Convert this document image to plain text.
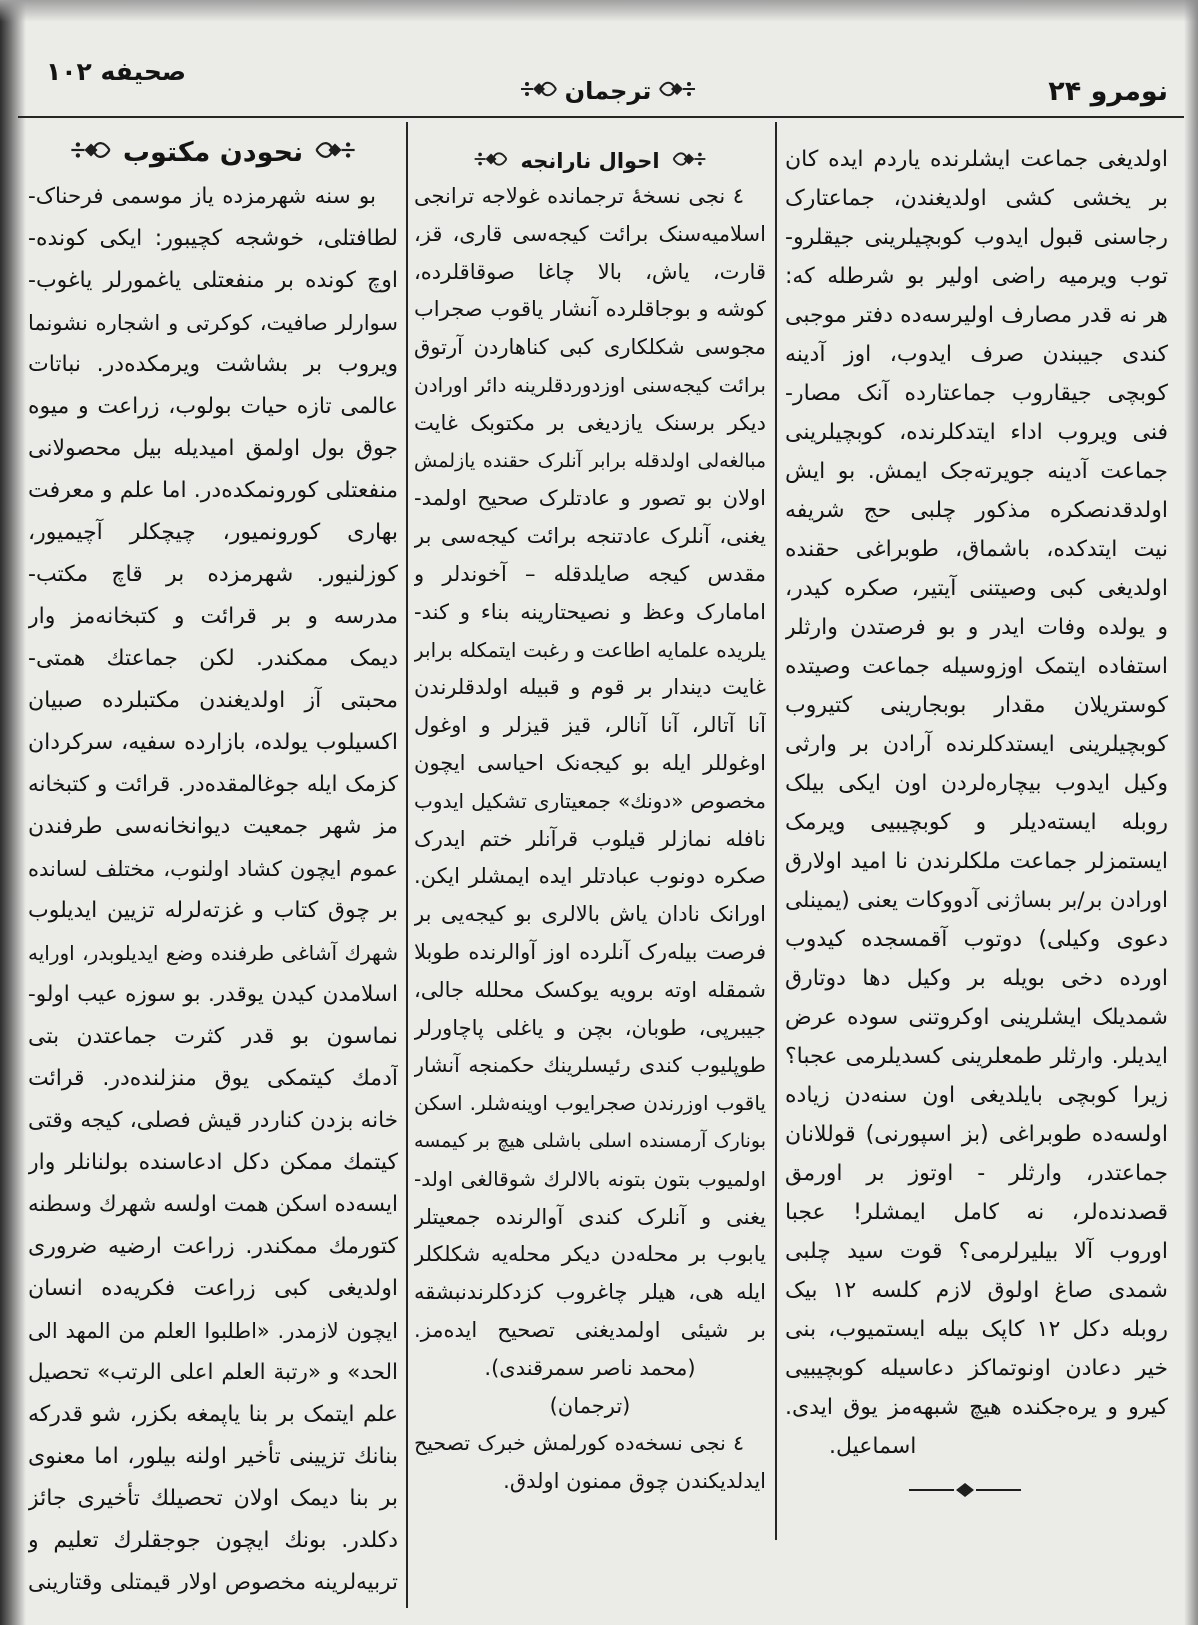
نومرو ۲۴
صحیفه ۱۰۲
ترجمان
اولدیغی جماعت ایشلرنده یاردم ایده کان
بر یخشی کشی اولدیغندن، جماعتارک
رجاسنی قبول ایدوب کوبچیلرینی جیقلرو-
توب ویرمیه راضی اولیر بو شرطله که:
هر نه قدر مصارف اولیرسه‌ده دفتر موجبی
کندی جیبندن صرف ایدوب، اوز آدینه
کوبچی جیقاروب جماعتارده آنک مصار-
فنی ویروب اداء ایتدکلرنده، کوبچیلرینی
جماعت آدینه جویرته‌جک ایمش. بو ایش
اولدقدنصکره مذکور چلبی حج شریفه
نیت ایتدکده، باشماق، طوبراغی حقنده
اولدیغی کبی وصیتنی آیتیر، صکره کیدر،
و یولده وفات ایدر و بو فرصتدن وارثلر
استفاده ایتمک اوزوسیله جماعت وصیتده
کوستریلان مقدار بوبجارینی کتیروب
کوبچیلرینی ایستدکلرنده آرادن بر وارثی
وکیل ایدوب بیچاره‌لردن اون ایکی بیلک
روبله ایسته‌دیلر و کوبچیبیی ویرمک
ایستمزلر جماعت ملکلرندن نا امید اولارق
اورادن بر/بر بساژنی آدووکات یعنی (یمینلی
دعوی وکیلی) دوتوب آقمسجده کیدوب
اورده دخی بویله بر وکیل دها دوتارق
شمدیلک ایشلرینی اوکروتنی سوده عرض
ایدیلر. وارثلر طمعلرینی کسدیلرمی عجبا؟
زیرا کوبچی بایلدیغی اون سنه‌دن زیاده
اولسه‌ده طوبراغی (بز اسپورنی) قوللانان
جماعتدر، وارثلر - اوتوز بر اورمق
قصدنده‌لر، نه کامل ایمشلر! عجبا
اوروب آلا بیلیرلرمی؟ قوت سید چلبی
شمدی صاغ اولوق لازم کلسه ۱۲ بیک
روبله دکل ۱۲ کاپک بیله ایستمیوب، بنی
خیر دعادن اونوتماکز دعاسیله کوبچیبیی
کیرو و یره‌جکنده هیچ شبهه‌مز یوق ایدی.
اسماعیل.
احوال نارانجه
٤ نجی نسخهٔ ترجمانده غولاجه ترانجی
اسلامیه‌سنک برائت کیجه‌سی قاری، قز،
قارت، یاش، بالا چاغا صوقاقلرده،
کوشه و بوجاقلرده آنشار یاقوب صجراب
مجوسی شکلکاری کبی کناهاردن آرتوق
برائت کیجه‌سنی اوزدوردقلرینه دائر اورادن
دیکر برسنک یازدیغی بر مکتوبک غایت
مبالغه‌لی اولدقله برابر آنلرک حقنده یازلمش
اولان بو تصور و عادتلرک صحیح اولمد-
یغنی، آنلرک عادتنجه برائت کیجه‌سی بر
مقدس کیجه صایلدقله – آخوندلر و
امامارک وعظ و نصیحتارینه بناء و کند-
یلریده علمایه اطاعت و رغبت ایتمکله برابر
غایت دیندار بر قوم و قبیله اولدقلرندن
آنا آتالر، آنا آنالر، قیز قیزلر و اوغول
اوغوللر ایله بو کیجه‌نک احیاسی ایچون
مخصوص «دونك» جمعیتاری تشکیل ایدوب
نافله نمازلر قیلوب قرآنلر ختم ایدرک
صکره دونوب عبادتلر ایده ایمشلر ایکن.
اورانک نادان یاش بالالری بو کیجه‌یی بر
فرصت بیله‌رک آنلرده اوز آوالرنده طوبلا
شمقله اوته برویه یوکسک محلله جالی،
جیبرپی، طوبان، بچن و یاغلی پاچاورلر
طوپلیوب کندی رئیسلرینك حکمنجه آنشار
یاقوب اوزرندن صجرایوب اوینه‌شلر. اسکن
بونارک آرمسنده اسلی باشلی هیچ بر کیمسه
اولمیوب بتون بتونه بالالرك شوقالغی اولد-
یغنی و آنلرک کندی آوالرنده جمعیتلر
یابوب بر محله‌دن دیکر محله‌یه شکلکلر
ایله هی، هیلر چاغروب کزدکلرندنبشقه
بر شیئی اولمدیغنی تصحیح ایده‌مز.
(محمد ناصر سمرقندی).
(ترجمان)
٤ نجی نسخه‌ده کورلمش خبرک تصحیح
ایدلدیکندن چوق ممنون اولدق.
نحودن مکتوب
بو سنه شهرمزده یاز موسمی فرحناک-
لطافتلی، خوشجه کچیبور: ایکی کونده-
اوچ کونده بر منفعتلی یاغمورلر یاغوب-
سوارلر صافیت، کوکرتی و اشجاره نشونما
ویروب بر بشاشت ویرمکده‌در. نباتات
عالمی تازه حیات بولوب، زراعت و میوه
جوق بول اولمق امیدیله بیل محصولانی
منفعتلی کورونمکده‌در. اما علم و معرفت
بهاری کورونمیور، چیچکلر آچیمیور،
کوزلنیور. شهرمزده بر قاچ مکتب-
مدرسه و بر قرائت و کتبخانه‌مز وار
دیمک ممکندر. لکن جماعتك همتی-
محبتی آز اولدیغندن مکتبلرده صبیان
اکسیلوب یولده، بازارده سفیه، سرکردان
کزمک ایله جوغالمقده‌در. قرائت و کتبخانه
مز شهر جمعیت دیوانخانه‌سی طرفندن
عموم ایچون کشاد اولنوب، مختلف لسانده
بر چوق کتاب و غزته‌لرله تزیین ایدیلوب
شهرك آشاغی طرفنده وضع ایدیلوبدر، اورایه
اسلامدن کیدن یوقدر. بو سوزه عیب اولو-
نماسون بو قدر کثرت جماعتدن بتی
آدمك کیتمکی یوق منزلنده‌در. قرائت
خانه بزدن کناردر قیش فصلی، کیجه وقتی
کیتمك ممکن دکل ادعاسنده بولنانلر وار
ایسه‌ده اسکن همت اولسه شهرك وسطنه
کتورمك ممکندر. زراعت ارضیه ضروری
اولدیغی کبی زراعت فکریه‌ده انسان
ایچون لازمدر. «اطلبوا العلم من المهد الی
الحد» و «رتبة العلم اعلی الرتب» تحصیل
علم ایتمک بر بنا یاپمغه بکزر، شو قدرکه
بنانك تزیینی تأخیر اولنه بیلور، اما معنوی
بر بنا دیمک اولان تحصیلك تأخیری جائز
دکلدر. بونك ایچون جوجقلرك تعلیم و
تربیه‌لرینه مخصوص اولار قیمتلی وقتارینی
